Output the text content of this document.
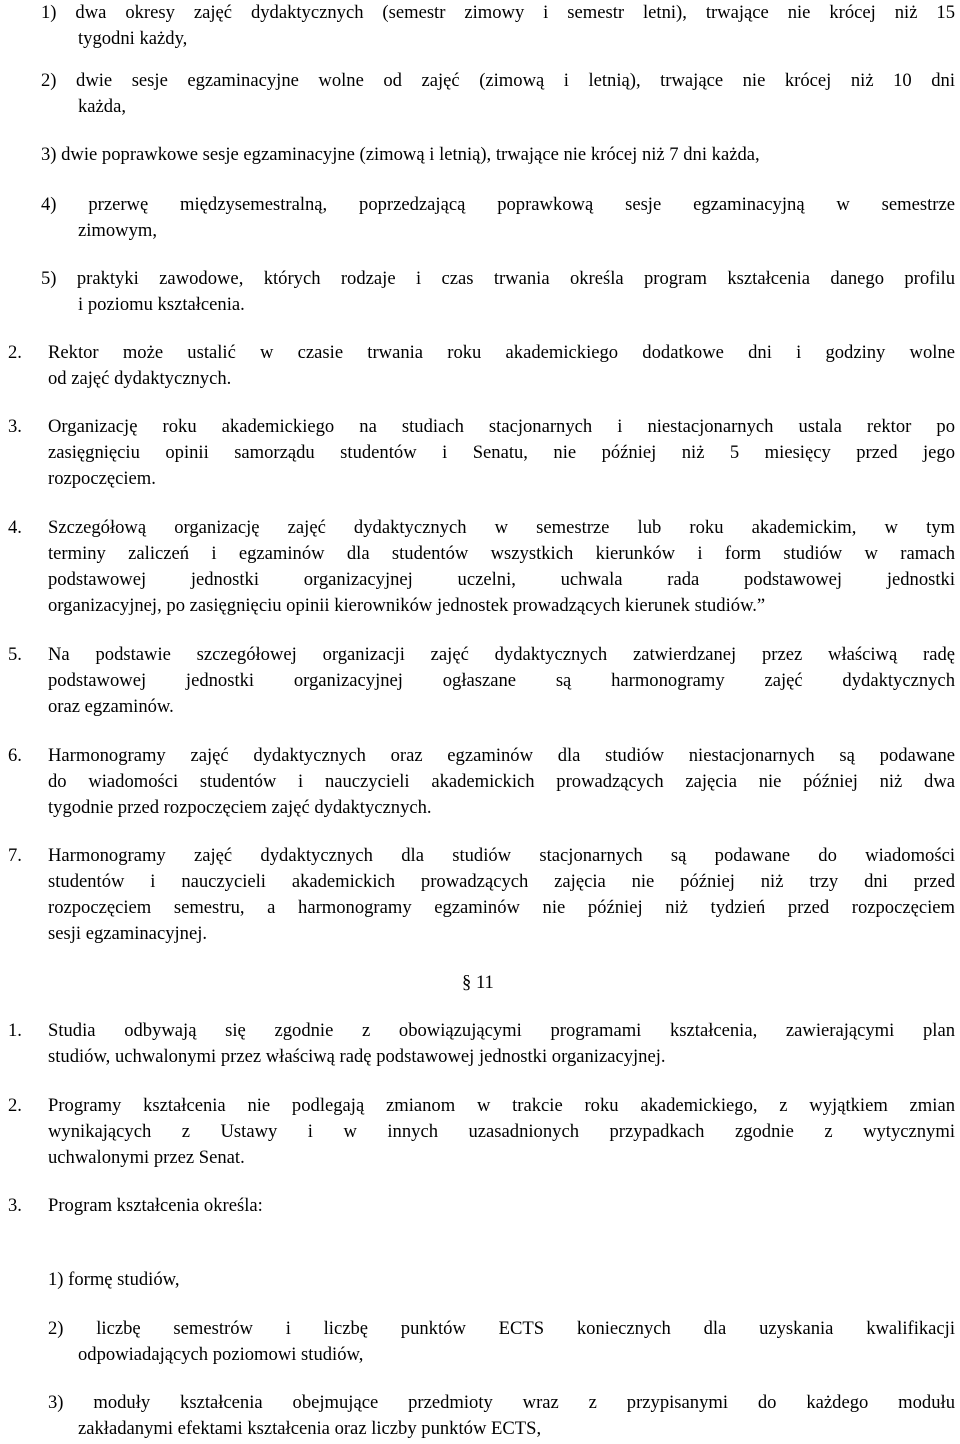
1) dwa okresy zajęć dydaktycznych (semestr zimowy i semestr letni), trwające nie krócej niż 15
tygodni każdy,
2) dwie sesje egzaminacyjne wolne od zajęć (zimową i letnią), trwające nie krócej niż 10 dni
każda,
3) dwie poprawkowe sesje egzaminacyjne (zimową i letnią), trwające nie krócej niż 7 dni każda,
4) przerwę międzysemestralną, poprzedzającą poprawkową sesje egzaminacyjną w semestrze
zimowym,
5) praktyki zawodowe, których rodzaje i czas trwania określa program kształcenia danego profilu
i poziomu kształcenia.
2. Rektor może ustalić w czasie trwania roku akademickiego dodatkowe dni i godziny wolne
od zajęć dydaktycznych.
3. Organizację roku akademickiego na studiach stacjonarnych i niestacjonarnych ustala rektor po
zasięgnięciu opinii samorządu studentów i Senatu, nie później niż 5 miesięcy przed jego
rozpoczęciem.
4. Szczegółową organizację zajęć dydaktycznych w semestrze lub roku akademickim, w tym
terminy zaliczeń i egzaminów dla studentów wszystkich kierunków i form studiów w ramach
podstawowej jednostki organizacyjnej uczelni, uchwala rada podstawowej jednostki
organizacyjnej, po zasięgnięciu opinii kierowników jednostek prowadzących kierunek studiów.”
5. Na podstawie szczegółowej organizacji zajęć dydaktycznych zatwierdzanej przez właściwą radę
podstawowej jednostki organizacyjnej ogłaszane są harmonogramy zajęć dydaktycznych
oraz egzaminów.
6. Harmonogramy zajęć dydaktycznych oraz egzaminów dla studiów niestacjonarnych są podawane
do wiadomości studentów i nauczycieli akademickich prowadzących zajęcia nie później niż dwa
tygodnie przed rozpoczęciem zajęć dydaktycznych.
7. Harmonogramy zajęć dydaktycznych dla studiów stacjonarnych są podawane do wiadomości
studentów i nauczycieli akademickich prowadzących zajęcia nie później niż trzy dni przed
rozpoczęciem semestru, a harmonogramy egzaminów nie później niż tydzień przed rozpoczęciem
sesji egzaminacyjnej.
§ 11
1. Studia odbywają się zgodnie z obowiązującymi programami kształcenia, zawierającymi plan
studiów, uchwalonymi przez właściwą radę podstawowej jednostki organizacyjnej.
2. Programy kształcenia nie podlegają zmianom w trakcie roku akademickiego, z wyjątkiem zmian
wynikających z Ustawy i w innych uzasadnionych przypadkach zgodnie z wytycznymi
uchwalonymi przez Senat.
3. Program kształcenia określa:
1) formę studiów,
2) liczbę semestrów i liczbę punktów ECTS koniecznych dla uzyskania kwalifikacji
odpowiadających poziomowi studiów,
3) moduły kształcenia obejmujące przedmioty wraz z przypisanymi do każdego modułu
zakładanymi efektami kształcenia oraz liczby punktów ECTS,
